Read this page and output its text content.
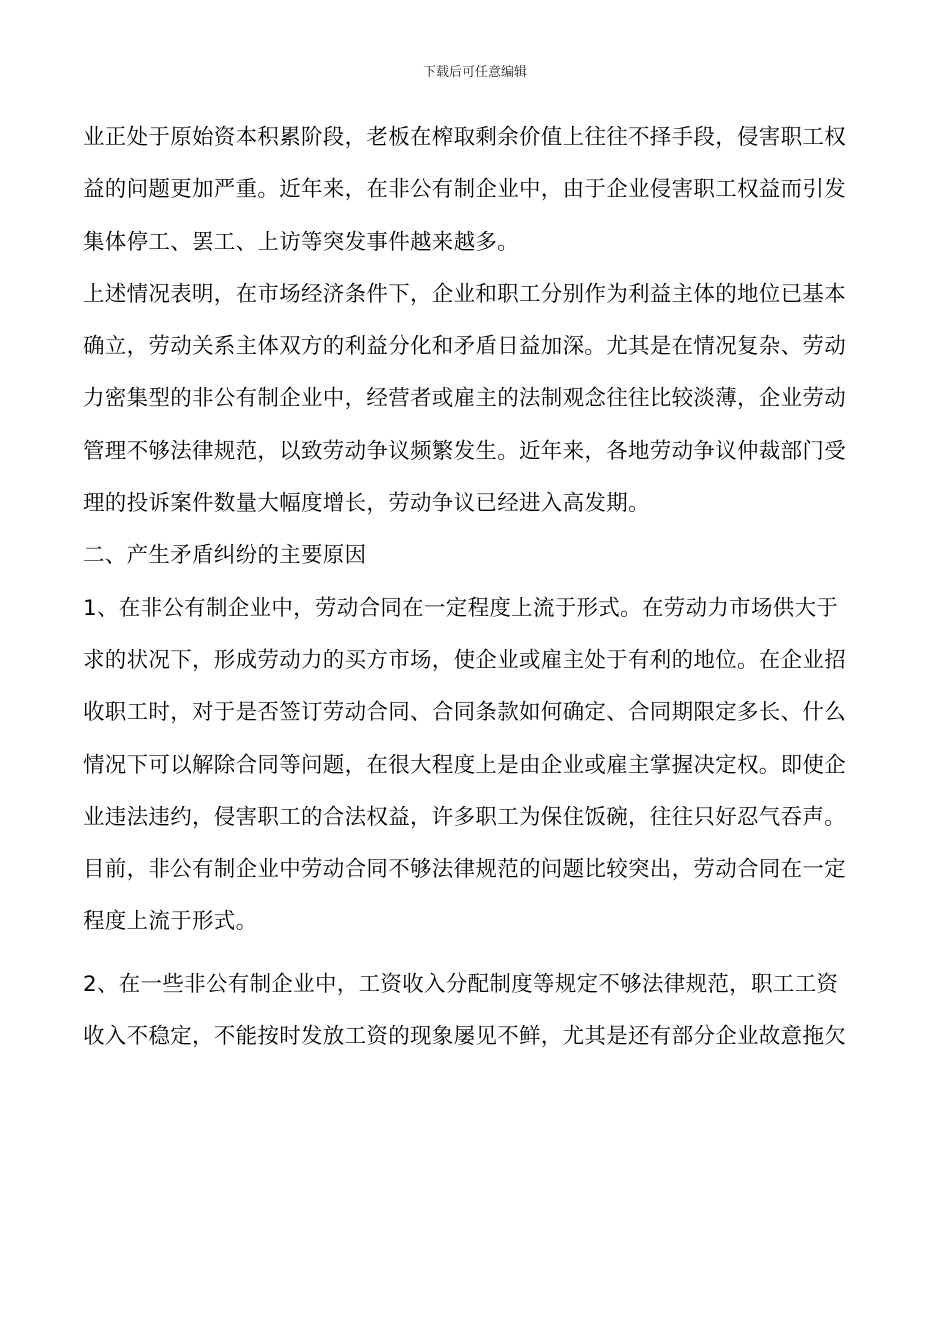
下载后可任意编辑
业正处于原始资本积累阶段，老板在榨取剩余价值上往往不择手段，侵害职工权
益的问题更加严重。近年来，在非公有制企业中，由于企业侵害职工权益而引发
集体停工、罢工、上访等突发事件越来越多。
上述情况表明，在市场经济条件下，企业和职工分别作为利益主体的地位已基本
确立，劳动关系主体双方的利益分化和矛盾日益加深。尤其是在情况复杂、劳动
力密集型的非公有制企业中，经营者或雇主的法制观念往往比较淡薄，企业劳动
管理不够法律规范，以致劳动争议频繁发生。近年来，各地劳动争议仲裁部门受
理的投诉案件数量大幅度增长，劳动争议已经进入高发期。
二、产生矛盾纠纷的主要原因
1、在非公有制企业中，劳动合同在一定程度上流于形式。在劳动力市场供大于
求的状况下，形成劳动力的买方市场，使企业或雇主处于有利的地位。在企业招
收职工时，对于是否签订劳动合同、合同条款如何确定、合同期限定多长、什么
情况下可以解除合同等问题，在很大程度上是由企业或雇主掌握决定权。即使企
业违法违约，侵害职工的合法权益，许多职工为保住饭碗，往往只好忍气吞声。
目前，非公有制企业中劳动合同不够法律规范的问题比较突出，劳动合同在一定
程度上流于形式。
2、在一些非公有制企业中，工资收入分配制度等规定不够法律规范，职工工资
收入不稳定，不能按时发放工资的现象屡见不鲜，尤其是还有部分企业故意拖欠
